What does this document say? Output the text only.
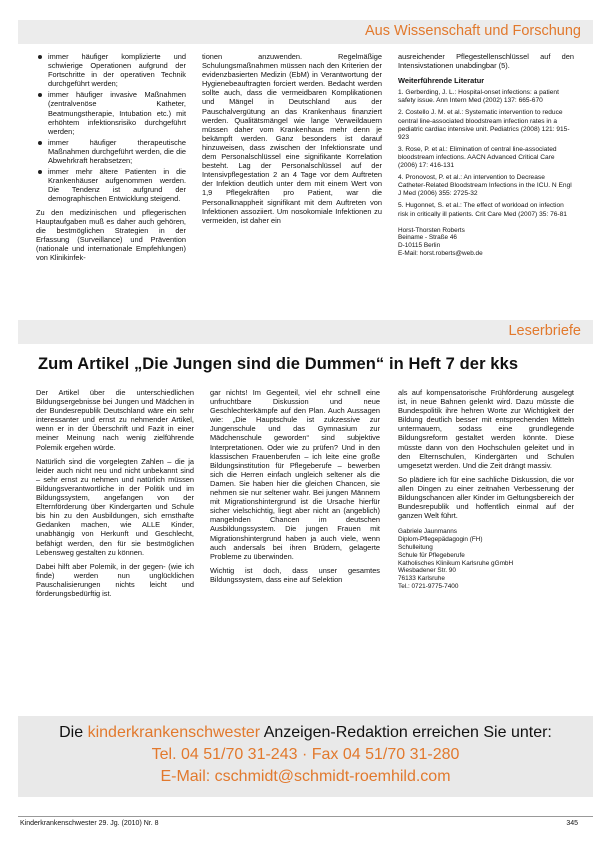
Aus Wissenschaft und Forschung
immer häufiger komplizierte und schwierige Operationen aufgrund der Fortschritte in der operativen Technik durchgeführt werden;
immer häufiger invasive Maßnahmen (zentralvenöse Katheter, Beatmungstherapie, Intubation etc.) mit erhöhtem infektionsrisiko durchgeführt werden;
immer häufiger therapeutische Maßnahmen durchgeführt werden, die die Abwehrkraft herabsetzen;
immer mehr ältere Patienten in die Krankenhäuser aufgenommen werden. Die Tendenz ist aufgrund der demographischen Entwicklung steigend.

Zu den medizinischen und pflegerischen Hauptaufgaben muß es daher auch gehören, die bestmöglichen Strategien in der Erfassung (Surveillance) und Prävention (nationale und internationale Empfehlungen) von Klinikinfek-

tionen anzuwenden. Regelmäßige Schulungsmaßnahmen müssen nach den Kriterien der evidenzbasierten Medizin (EbM) in Verantwortung der Hygienebeauftragten forciert werden. Bedacht werden sollte auch, dass die vermeidbaren Komplikationen und Mängel in Deutschland aus der Pauschalvergütung an das Krankenhaus finanziert werden. Qualitätsmängel wie lange Verweildauern müssen daher vom Krankenhaus mehr denn je bekämpft werden. Ganz besonders ist darauf hinzuweisen, dass zwischen der Infektionsrate und dem Personalschlüssel eine signifikante Korrelation besteht. Lag der Personalschlüssel auf der Intensivpflegestation 2 an 4 Tage vor dem Auftreten der Infektion deutlich unter dem mit einem Wert von 1,9 Pflegekräften pro Patient, war die Personalknappheit signifikant mit dem Auftreten von Infektionen assoziiert. Um nosokomiale Infektionen zu vermeiden, ist daher ein

ausreichender Pflegestellenschlüssel auf den Intensivstationen unabdingbar (5).

Weiterführende Literatur
1. Gerberding, J. L.: Hospital-onset infections: a patient safety issue. Ann Intern Med (2002) 137: 665-670
2. Costello J. M. et al.: Systematic intervention to reduce central line-associated bloodstream infection rates in a pediatric cardiac intensive unit. Pediatrics (2008) 121: 915-923
3. Rose, P. et al.: Elimination of central line-associated bloodstream infections. AACN Advanced Critical Care (2006) 17: 416-131
4. Pronovost, P. et al.: An intervention to Decrease Catheter-Related Bloodstream Infections in the ICU. N Engl J Med (2006) 355: 2725-32
5. Hugonnet, S. et al.: The effect of workload on infection risk in critically ill patients. Crit Care Med (2007) 35: 76-81
Horst-Thorsten Roberts
Beiname - Straße 46
D-10115 Berlin
E-Mail: horst.roberts@web.de
Leserbriefe
Zum Artikel „Die Jungen sind die Dummen“ in Heft 7 der kks

Der Artikel über die unterschiedlichen Bildungsergebnisse bei Jungen und Mädchen in der Bundesrepublik Deutschland wäre ein sehr interessanter und ernst zu nehmender Artikel, wenn er in der Überschrift und Fazit in einer meiner Meinung nach wenig zielführende Polemik ergehen würde.

Natürlich sind die vorgelegten Zahlen – die ja leider auch nicht neu und nicht unbekannt sind – sehr ernst zu nehmen und natürlich müssen Bildungsverantwortliche in der Politik und im Bildungssystem, angefangen von der Elternförderung über Kindergarten und Schule bis hin zu den Ausbildungen, sich ernsthafte Gedanken machen, wie ALLE Kinder, unabhängig von Herkunft und Geschlecht, befähigt werden, den für sie bestmöglichen Lebensweg gestalten zu können.

Dabei hilft aber Polemik, in der gegen- (wie ich finde) werden nun unglücklichen Pauschalisierungen nichts leicht und förderungsbedürftig ist.

gar nichts! Im Gegenteil, viel ehr schnell eine unfruchtbare Diskussion und neue Geschlechterkämpfe auf den Plan. Auch Aussagen wie: „Die Hauptschule ist zukzessive zur Jungenschule und das Gymnasium zur Mädchenschule geworden“ sind subjektive Interpretationen. Oder wie zu prüfen? Und in den klassischen Frauenberufen – ich leite eine große Bildungsinstitution für Pflegeberufe – bewerben sich die Herren einfach ungleich seltener als die Damen. Sie haben hier die gleichen Chancen, sie nehmen sie nur seltener wahr. Bei jungen Männern mit Migrationshintergrund ist die Ursache hierfür sicher vielschichtig, liegt aber nicht an (angeblich) mangelnden Chancen im deutschen Ausbildungssystem. Die jungen Frauen mit Migrationshintergrund haben ja auch viele, wenn auch andersals bei ihren Brüdern, gelagerte Probleme zu überwinden.

Wichtig ist doch, dass unser gesamtes Bildungssystem, dass eine auf Selektion

als auf kompensatorische Frühförderung ausgelegt ist, in neue Bahnen gelenkt wird. Dazu müsste die Bundespolitik ihre hehren Worte zur Wichtigkeit der Bildung deutlich besser mit entsprechenden Mitteln untermauern, sodass eine grundlegende Bildungsreform gestaltet werden könnte. Diese müsste dann von den Hochschulen geleitet und in den Elternschulen, Kindergärten und Schulen umgesetzt werden. Und die Zeit drängt massiv.

So plädiere ich für eine sachliche Diskussion, die vor allen Dingen zu einer zeitnahen Verbesserung der Bildungschancen aller Kinder im Geltungsbereich der Bundesrepublik und hoffentlich einmal auf der ganzen Welt führt.

Gabriele Jaunmanns
Diplom-Pflegepädagogin (FH)
Schulleitung
Schule für Pflegeberufe
Katholisches Klinikum Karlsruhe gGmbH
Wiesbadener Str. 90
76133 Karlsruhe
Tel.: 0721-9775-7400
Die kinderkrankenschwester Anzeigen-Redaktion erreichen Sie unter:
Tel. 04 51/70 31-243 · Fax 04 51/70 31-280
E-Mail: cschmidt@schmidt-roemhild.com
Kinderkrankenschwester 29. Jg. (2010) Nr. 8	345
